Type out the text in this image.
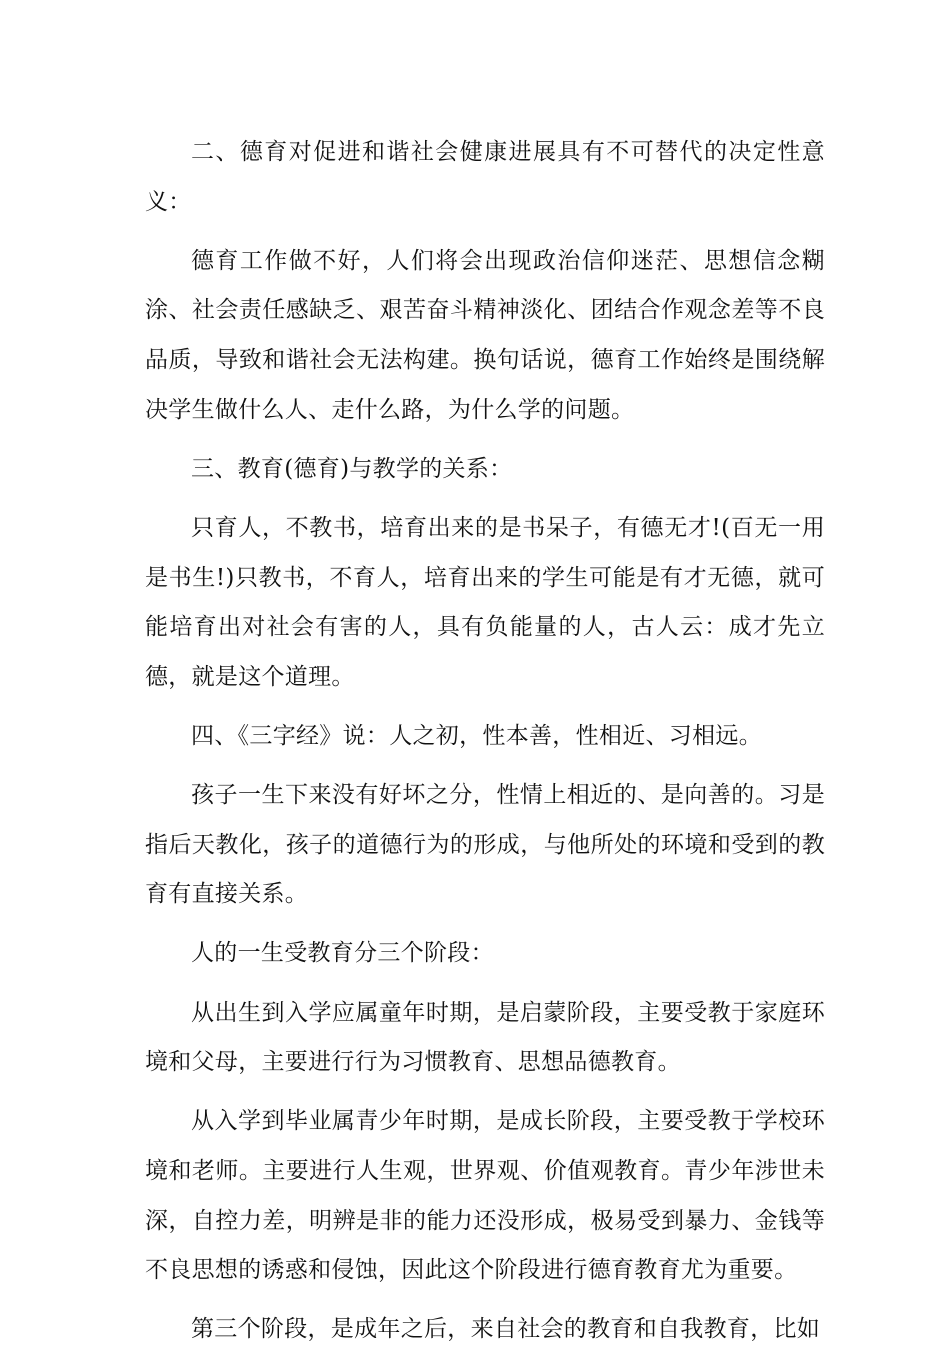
二、德育对促进和谐社会健康进展具有不可替代的决定性意义：

德育工作做不好，人们将会出现政治信仰迷茫、思想信念糊涂、社会责任感缺乏、艰苦奋斗精神淡化、团结合作观念差等不良品质，导致和谐社会无法构建。换句话说，德育工作始终是围绕解决学生做什么人、走什么路，为什么学的问题。

三、教育(德育)与教学的关系：

只育人，不教书，培育出来的是书呆子，有德无才!(百无一用是书生!)只教书，不育人，培育出来的学生可能是有才无德，就可能培育出对社会有害的人，具有负能量的人，古人云：成才先立德，就是这个道理。

四、《三字经》说：人之初，性本善，性相近、习相远。

孩子一生下来没有好坏之分，性情上相近的、是向善的。习是指后天教化，孩子的道德行为的形成，与他所处的环境和受到的教育有直接关系。

人的一生受教育分三个阶段：

从出生到入学应属童年时期，是启蒙阶段，主要受教于家庭环境和父母，主要进行行为习惯教育、思想品德教育。

从入学到毕业属青少年时期，是成长阶段，主要受教于学校环境和老师。主要进行人生观，世界观、价值观教育。青少年涉世未深，自控力差，明辨是非的能力还没形成，极易受到暴力、金钱等不良思想的诱惑和侵蚀，因此这个阶段进行德育教育尤为重要。

第三个阶段，是成年之后，来自社会的教育和自我教育，比如
